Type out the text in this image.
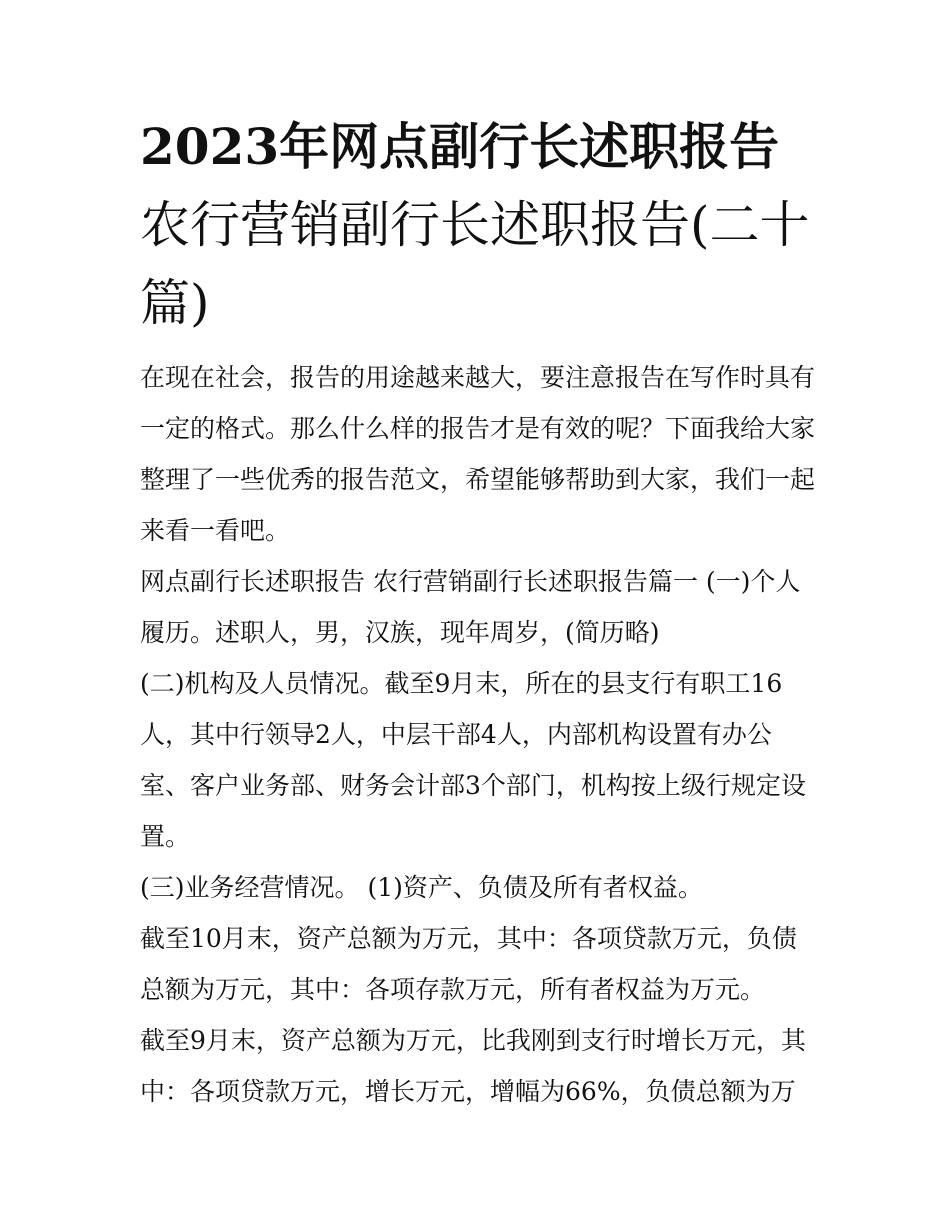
2023年网点副行长述职报告
农行营销副行长述职报告(二十
篇)
在现在社会，报告的用途越来越大，要注意报告在写作时具有
一定的格式。那么什么样的报告才是有效的呢？下面我给大家
整理了一些优秀的报告范文，希望能够帮助到大家，我们一起
来看一看吧。
网点副行长述职报告 农行营销副行长述职报告篇一 (一)个人
履历。述职人，男，汉族，现年周岁，(简历略)
(二)机构及人员情况。截至9月末，所在的县支行有职工16
人，其中行领导2人，中层干部4人，内部机构设置有办公
室、客户业务部、财务会计部3个部门，机构按上级行规定设
置。
(三)业务经营情况。 (1)资产、负债及所有者权益。
截至10月末，资产总额为万元，其中：各项贷款万元，负债
总额为万元，其中：各项存款万元，所有者权益为万元。
截至9月末，资产总额为万元，比我刚到支行时增长万元，其
中：各项贷款万元，增长万元，增幅为66%，负债总额为万
